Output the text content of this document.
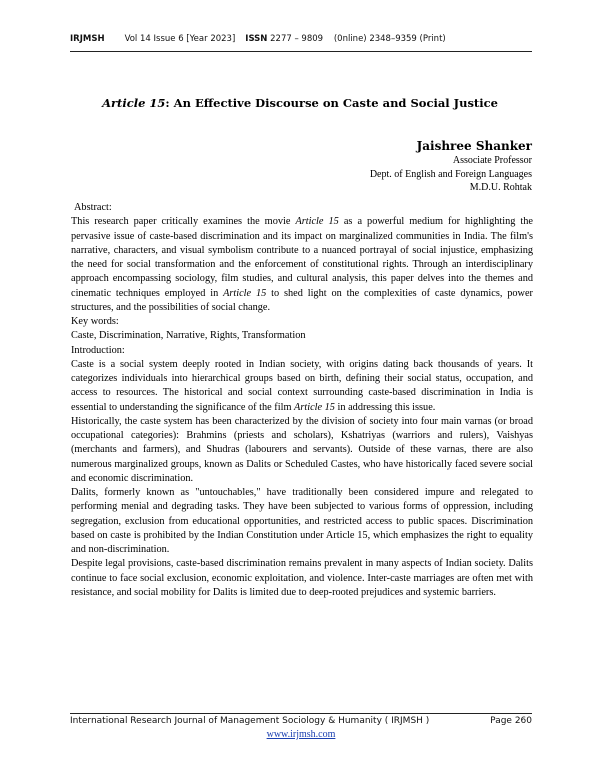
IRJMSH Vol 14 Issue 6 [Year 2023] ISSN 2277 – 9809    (0nline) 2348–9359 (Print)
Article 15: An Effective Discourse on Caste and Social Justice
Jaishree Shanker
Associate Professor
Dept. of English and Foreign Languages
M.D.U. Rohtak

Abstract:

This research paper critically examines the movie Article 15 as a powerful medium for highlighting the pervasive issue of caste-based discrimination and its impact on marginalized communities in India. The film's narrative, characters, and visual symbolism contribute to a nuanced portrayal of social injustice, emphasizing the need for social transformation and the enforcement of constitutional rights. Through an interdisciplinary approach encompassing sociology, film studies, and cultural analysis, this paper delves into the themes and cinematic techniques employed in Article 15 to shed light on the complexities of caste dynamics, power structures, and the possibilities of social change.

Key words:

Caste, Discrimination, Narrative, Rights, Transformation

Introduction:

Caste is a social system deeply rooted in Indian society, with origins dating back thousands of years. It categorizes individuals into hierarchical groups based on birth, defining their social status, occupation, and access to resources. The historical and social context surrounding caste-based discrimination in India is essential to understanding the significance of the film Article 15 in addressing this issue.

Historically, the caste system has been characterized by the division of society into four main varnas (or broad occupational categories): Brahmins (priests and scholars), Kshatriyas (warriors and rulers), Vaishyas (merchants and farmers), and Shudras (labourers and servants). Outside of these varnas, there are also numerous marginalized groups, known as Dalits or Scheduled Castes, who have historically faced severe social and economic discrimination.

Dalits, formerly known as "untouchables," have traditionally been considered impure and relegated to performing menial and degrading tasks. They have been subjected to various forms of oppression, including segregation, exclusion from educational opportunities, and restricted access to public spaces. Discrimination based on caste is prohibited by the Indian Constitution under Article 15, which emphasizes the right to equality and non-discrimination.

Despite legal provisions, caste-based discrimination remains prevalent in many aspects of Indian society. Dalits continue to face social exclusion, economic exploitation, and violence. Inter-caste marriages are often met with resistance, and social mobility for Dalits is limited due to deep-rooted prejudices and systemic barriers.

International Research Journal of Management Sociology & Humanity ( IRJMSH )	Page 260
www.irjmsh.com
